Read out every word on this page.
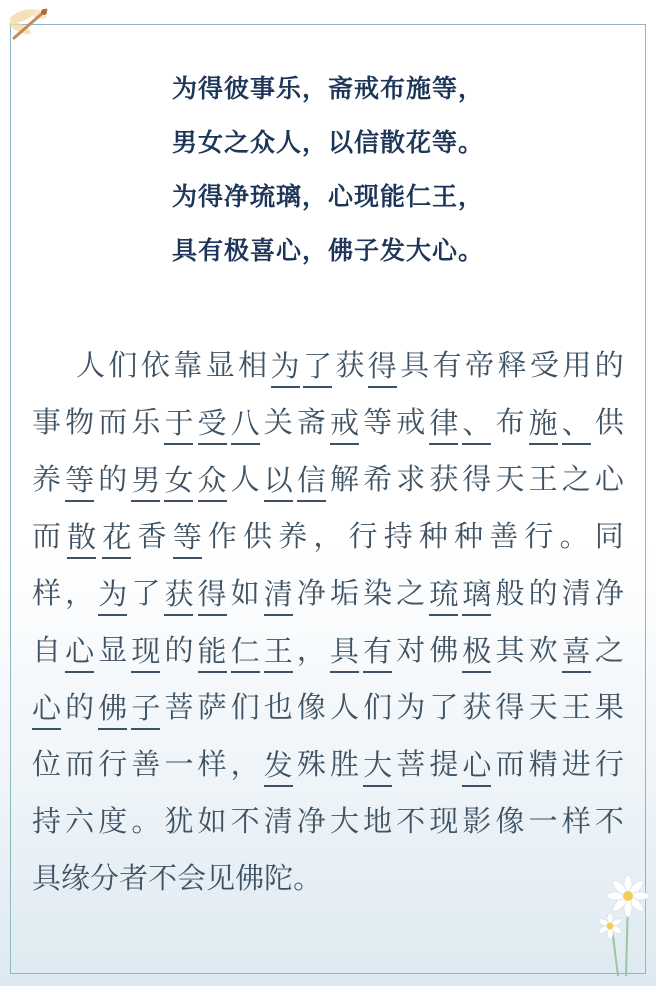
为得彼事乐，斋戒布施等，
男女之众人，以信散花等。
为得净琉璃，心现能仁王，
具有极喜心，佛子发大心。
人 们 依 靠 显 相 为 了 获 得 具 有 帝 释 受 用 的
事 物 而 乐 于 受 八 关 斋 戒 等 戒 律 、 布 施 、 供
养 等 的 男 女 众 人 以 信 解 希 求 获 得 天 王 之 心
而 散 花 香 等 作 供 养 ， 行 持 种 种 善 行 。 同
样 ， 为 了 获 得 如 清 净 垢 染 之 琉 璃 般 的 清 净
自 心 显 现 的 能 仁 王 ， 具 有 对 佛 极 其 欢 喜 之
心 的 佛 子 菩 萨 们 也 像 人 们 为 了 获 得 天 王 果
位 而 行 善 一 样 ， 发 殊 胜 大 菩 提 心 而 精 进 行
持 六 度 。 犹 如 不 清 净 大 地 不 现 影 像 一 样 不
具 缘 分 者 不 会 见 佛 陀 。
